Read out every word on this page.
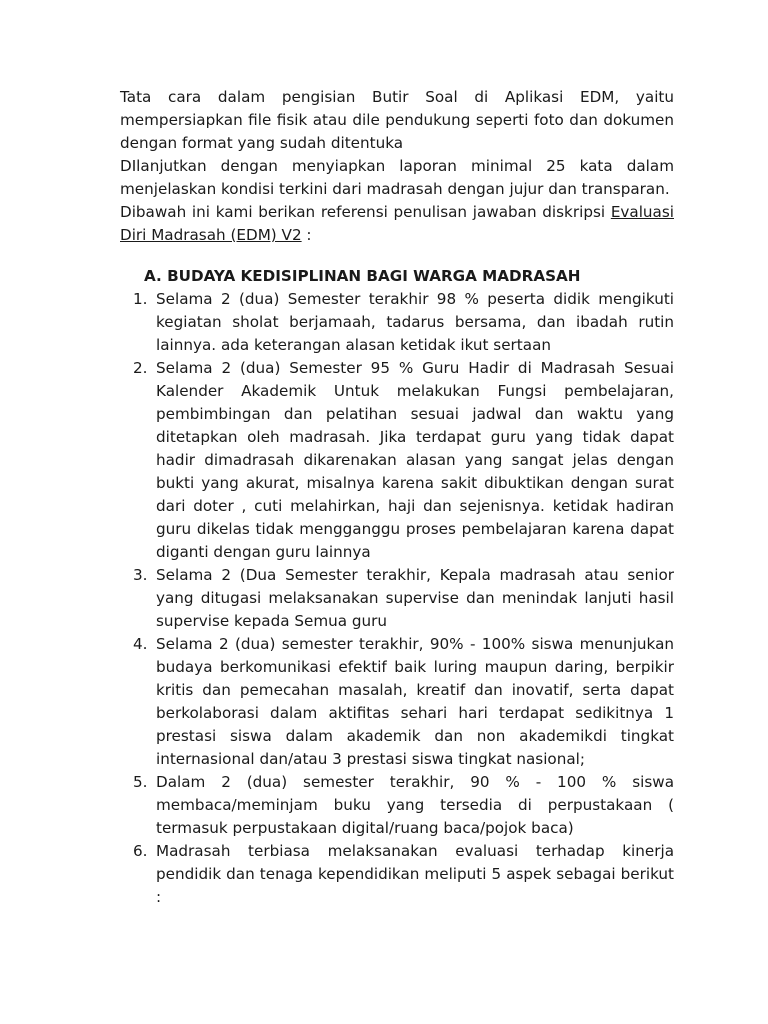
Tata cara dalam pengisian Butir Soal di Aplikasi EDM, yaitu mempersiapkan file fisik atau dile pendukung seperti foto dan dokumen dengan format yang sudah ditentuka

DIlanjutkan dengan menyiapkan laporan minimal 25 kata dalam menjelaskan kondisi terkini dari madrasah dengan jujur dan transparan.

Dibawah ini kami berikan referensi penulisan jawaban diskripsi Evaluasi Diri Madrasah (EDM) V2 :

A. BUDAYA KEDISIPLINAN BAGI WARGA MADRASAH
1. Selama 2 (dua) Semester terakhir 98 % peserta didik mengikuti kegiatan sholat berjamaah, tadarus bersama, dan ibadah rutin lainnya. ada keterangan alasan ketidak ikut sertaan
2. Selama 2 (dua) Semester 95 % Guru Hadir di Madrasah Sesuai Kalender Akademik Untuk melakukan Fungsi pembelajaran, pembimbingan dan pelatihan sesuai jadwal dan waktu yang ditetapkan oleh madrasah. Jika terdapat guru yang tidak dapat hadir dimadrasah dikarenakan alasan yang sangat jelas dengan bukti yang akurat, misalnya karena sakit dibuktikan dengan surat dari doter , cuti melahirkan, haji dan sejenisnya. ketidak hadiran guru dikelas tidak mengganggu proses pembelajaran karena dapat diganti dengan guru lainnya
3. Selama 2 (Dua Semester terakhir, Kepala madrasah atau senior yang ditugasi melaksanakan supervise dan menindak lanjuti hasil supervise kepada Semua guru
4. Selama 2 (dua) semester terakhir, 90% - 100% siswa menunjukan budaya berkomunikasi efektif baik luring maupun daring, berpikir kritis dan pemecahan masalah, kreatif dan inovatif, serta dapat berkolaborasi dalam aktifitas sehari hari terdapat sedikitnya 1 prestasi siswa dalam akademik dan non akademikdi tingkat internasional dan/atau 3 prestasi siswa tingkat nasional;
5. Dalam 2 (dua) semester terakhir, 90 % - 100 % siswa membaca/meminjam buku yang tersedia di perpustakaan ( termasuk perpustakaan digital/ruang baca/pojok baca)
6. Madrasah terbiasa melaksanakan evaluasi terhadap kinerja pendidik dan tenaga kependidikan meliputi 5 aspek sebagai berikut :
